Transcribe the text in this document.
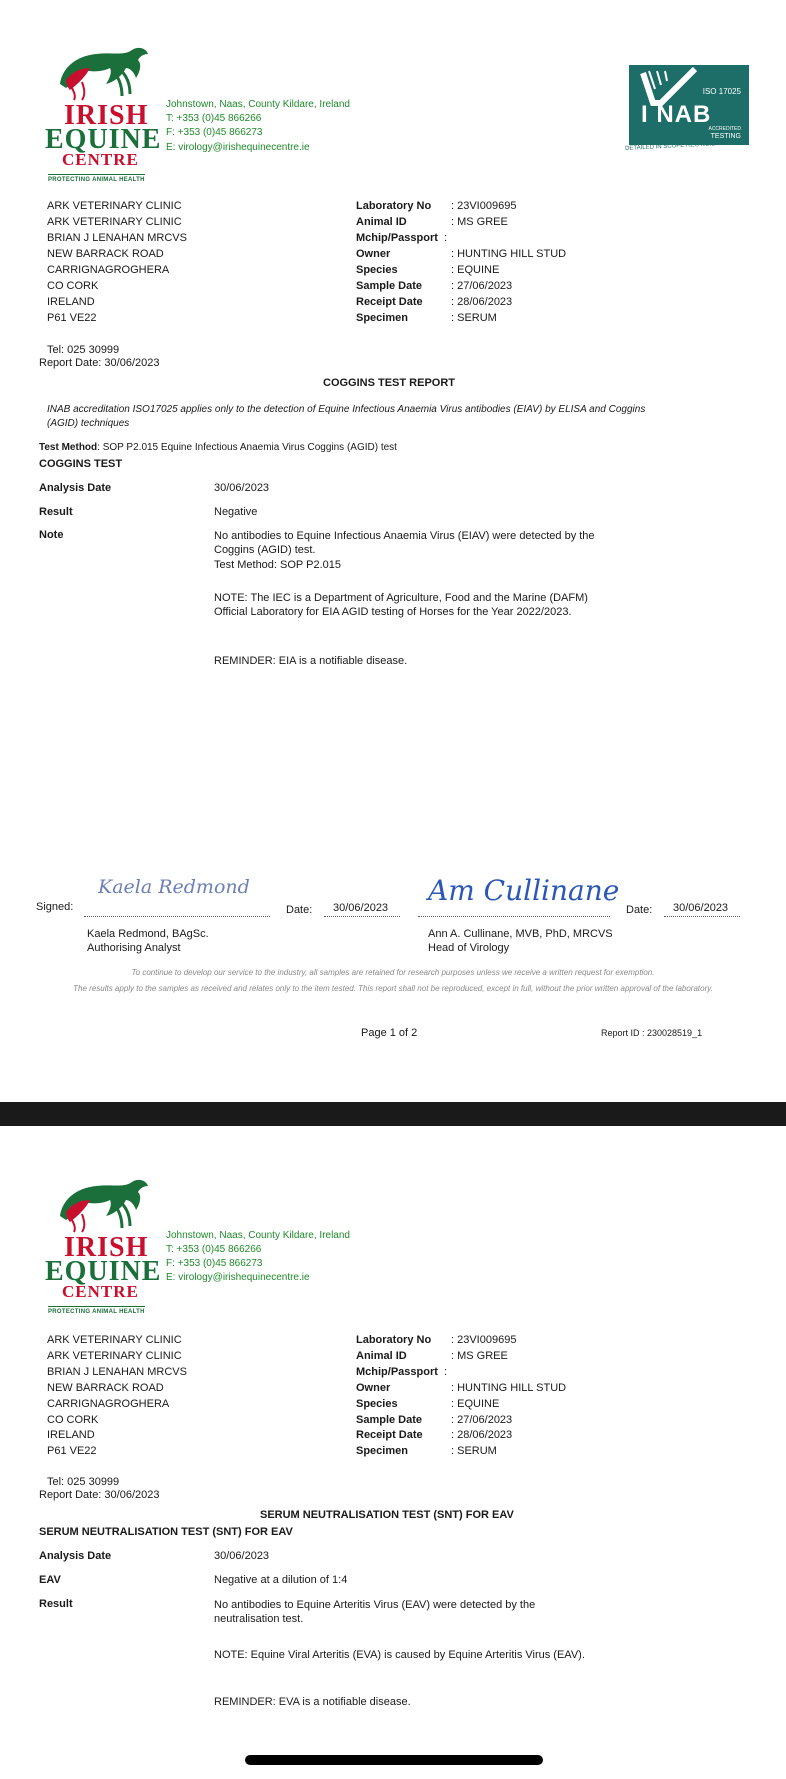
IRISH
EQUINE
CENTRE
PROTECTING ANIMAL HEALTH
Johnstown, Naas, County Kildare, Ireland
T: +353 (0)45 866266
F: +353 (0)45 866273
E: virology@irishequinecentre.ie
ISO 17025
I NAB
ACCREDITED
TESTING
DETAILED IN SCOPE REG NO.151T
ARK VETERINARY CLINIC
ARK VETERINARY CLINIC
BRIAN J LENAHAN MRCVS
NEW BARRACK ROAD
CARRIGNAGROGHERA
CO CORK
IRELAND
P61 VE22
Laboratory No : 23VI009695
Animal ID	: MS GREE
Mchip/Passport :
Owner	: HUNTING HILL STUD
Species	: EQUINE
Sample Date	: 27/06/2023
Receipt Date	: 28/06/2023
Specimen	: SERUM
Tel: 025 30999
Report Date: 30/06/2023
COGGINS TEST REPORT
INAB accreditation ISO17025 applies only to the detection of Equine Infectious Anaemia Virus antibodies (EIAV) by ELISA and Coggins (AGID) techniques
Test Method: SOP P2.015 Equine Infectious Anaemia Virus Coggins (AGID) test
COGGINS TEST
Analysis Date	30/06/2023
Result	Negative
Note	No antibodies to Equine Infectious Anaemia Virus (EIAV) were detected by the Coggins (AGID) test.
Test Method: SOP P2.015
NOTE: The IEC is a Department of Agriculture, Food and the Marine (DAFM) Official Laboratory for EIA AGID testing of Horses for the Year 2022/2023.
REMINDER: EIA is a notifiable disease.
Signed:
Kaela Redmond
Date: 30/06/2023
Kaela Redmond, BAgSc.
Authorising Analyst
Am Cullinane
Date: 30/06/2023
Ann A. Cullinane, MVB, PhD, MRCVS
Head of Virology
To continue to develop our service to the industry, all samples are retained for research purposes unless we receive a written request for exemption.
The results apply to the samples as received and relates only to the item tested. This report shall not be reproduced, except in full, without the prior written approval of the laboratory.
Page 1 of 2	Report ID : 230028519_1
IRISH
EQUINE
CENTRE
PROTECTING ANIMAL HEALTH
Johnstown, Naas, County Kildare, Ireland
T: +353 (0)45 866266
F: +353 (0)45 866273
E: virology@irishequinecentre.ie
ARK VETERINARY CLINIC
ARK VETERINARY CLINIC
BRIAN J LENAHAN MRCVS
NEW BARRACK ROAD
CARRIGNAGROGHERA
CO CORK
IRELAND
P61 VE22
Laboratory No : 23VI009695
Animal ID	: MS GREE
Mchip/Passport :
Owner	: HUNTING HILL STUD
Species	: EQUINE
Sample Date	: 27/06/2023
Receipt Date	: 28/06/2023
Specimen	: SERUM
Tel: 025 30999
Report Date: 30/06/2023
SERUM NEUTRALISATION TEST (SNT) FOR EAV
SERUM NEUTRALISATION TEST (SNT) FOR EAV
Analysis Date	30/06/2023
EAV	Negative at a dilution of 1:4
Result	No antibodies to Equine Arteritis Virus (EAV) were detected by the neutralisation test.
NOTE: Equine Viral Arteritis (EVA) is caused by Equine Arteritis Virus (EAV).
REMINDER: EVA is a notifiable disease.
